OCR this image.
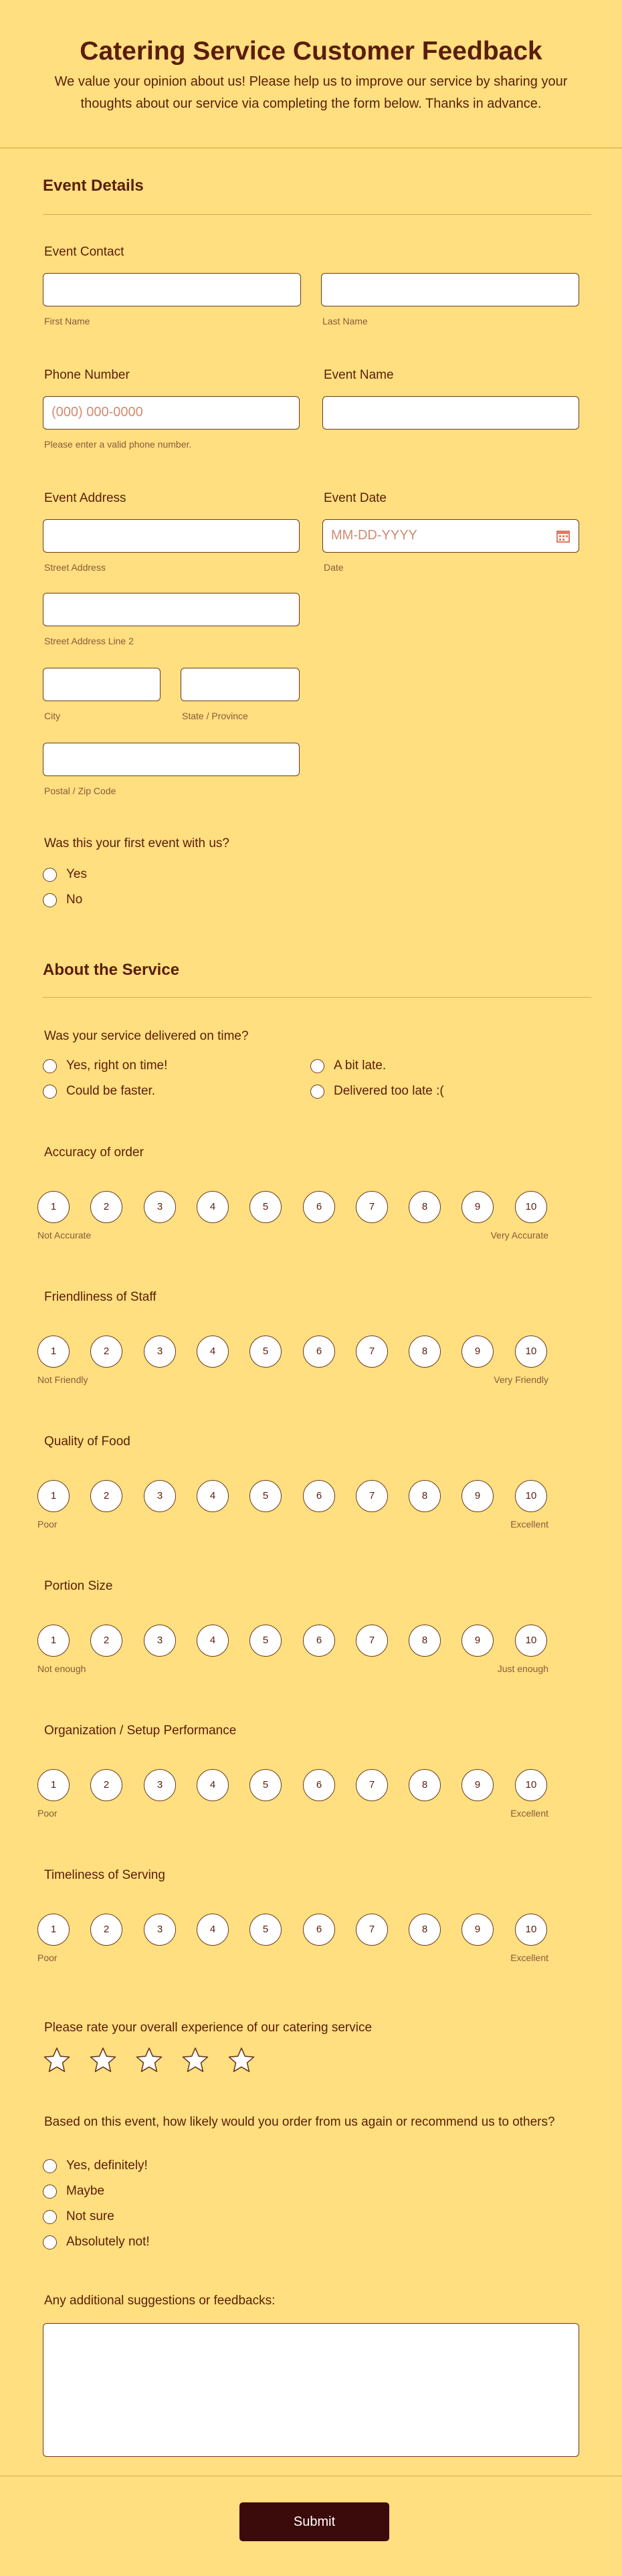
Catering Service Customer Feedback

We value your opinion about us! Please help us to improve our service by sharing your thoughts about our service via completing the form below. Thanks in advance.

Event Details
Event Contact
First Name	Last Name
Phone Number
(000) 000-0000
Please enter a valid phone number.
Event Name
Event Address
Street Address
Street Address Line 2
City	State / Province
Postal / Zip Code
Event Date
MM-DD-YYYY
Date
Was this your first event with us?
Yes
No
About the Service
Was your service delivered on time?
Yes, right on time!	A bit late.
Could be faster.	Delivered too late :(
Accuracy of order
1	2	3	4	5	6	7	8	9	10
Not Accurate	Very Accurate
Friendliness of Staff
1	2	3	4	5	6	7	8	9	10
Not Friendly	Very Friendly
Quality of Food
1	2	3	4	5	6	7	8	9	10
Poor	Excellent
Portion Size
1	2	3	4	5	6	7	8	9	10
Not enough	Just enough
Organization / Setup Performance
1	2	3	4	5	6	7	8	9	10
Poor	Excellent
Timeliness of Serving
1	2	3	4	5	6	7	8	9	10
Poor	Excellent
Please rate your overall experience of our catering service
Based on this event, how likely would you order from us again or recommend us to others?
Yes, definitely!
Maybe
Not sure
Absolutely not!
Any additional suggestions or feedbacks:
Submit
